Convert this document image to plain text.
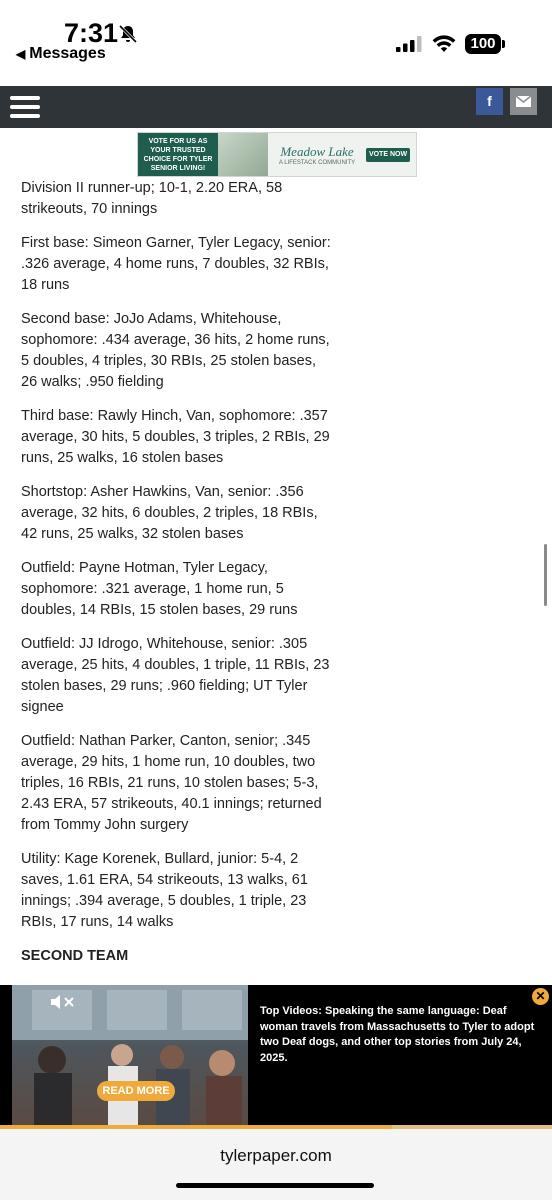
7:31
◀ Messages
100
f
VOTE FOR US AS YOUR TRUSTED CHOICE FOR TYLER SENIOR LIVING!
Meadow Lake
A LIFESTACK COMMUNITY
VOTE NOW

Division II runner-up; 10-1, 2.20 ERA, 58 strikeouts, 70 innings

First base: Simeon Garner, Tyler Legacy, senior: .326 average, 4 home runs, 7 doubles, 32 RBIs, 18 runs

Second base: JoJo Adams, Whitehouse, sophomore: .434 average, 36 hits, 2 home runs, 5 doubles, 4 triples, 30 RBIs, 25 stolen bases, 26 walks; .950 fielding

Third base: Rawly Hinch, Van, sophomore: .357 average, 30 hits, 5 doubles, 3 triples, 2 RBIs, 29 runs, 25 walks, 16 stolen bases

Shortstop: Asher Hawkins, Van, senior: .356 average, 32 hits, 6 doubles, 2 triples, 18 RBIs, 42 runs, 25 walks, 32 stolen bases

Outfield: Payne Hotman, Tyler Legacy, sophomore: .321 average, 1 home run, 5 doubles, 14 RBIs, 15 stolen bases, 29 runs

Outfield: JJ Idrogo, Whitehouse, senior: .305 average, 25 hits, 4 doubles, 1 triple, 11 RBIs, 23 stolen bases, 29 runs; .960 fielding; UT Tyler signee

Outfield: Nathan Parker, Canton, senior; .345 average, 29 hits, 1 home run, 10 doubles, two triples, 16 RBIs, 21 runs, 10 stolen bases; 5-3, 2.43 ERA, 57 strikeouts, 40.1 innings; returned from Tommy John surgery

Utility: Kage Korenek, Bullard, junior: 5-4, 2 saves, 1.61 ERA, 54 strikeouts, 13 walks, 61 innings; .394 average, 5 doubles, 1 triple, 23 RBIs, 17 runs, 14 walks

SECOND TEAM
READ MORE
Top Videos: Speaking the same language: Deaf woman travels from Massachusetts to Tyler to adopt two Deaf dogs, and other top stories from July 24, 2025.
✕
tylerpaper.com
